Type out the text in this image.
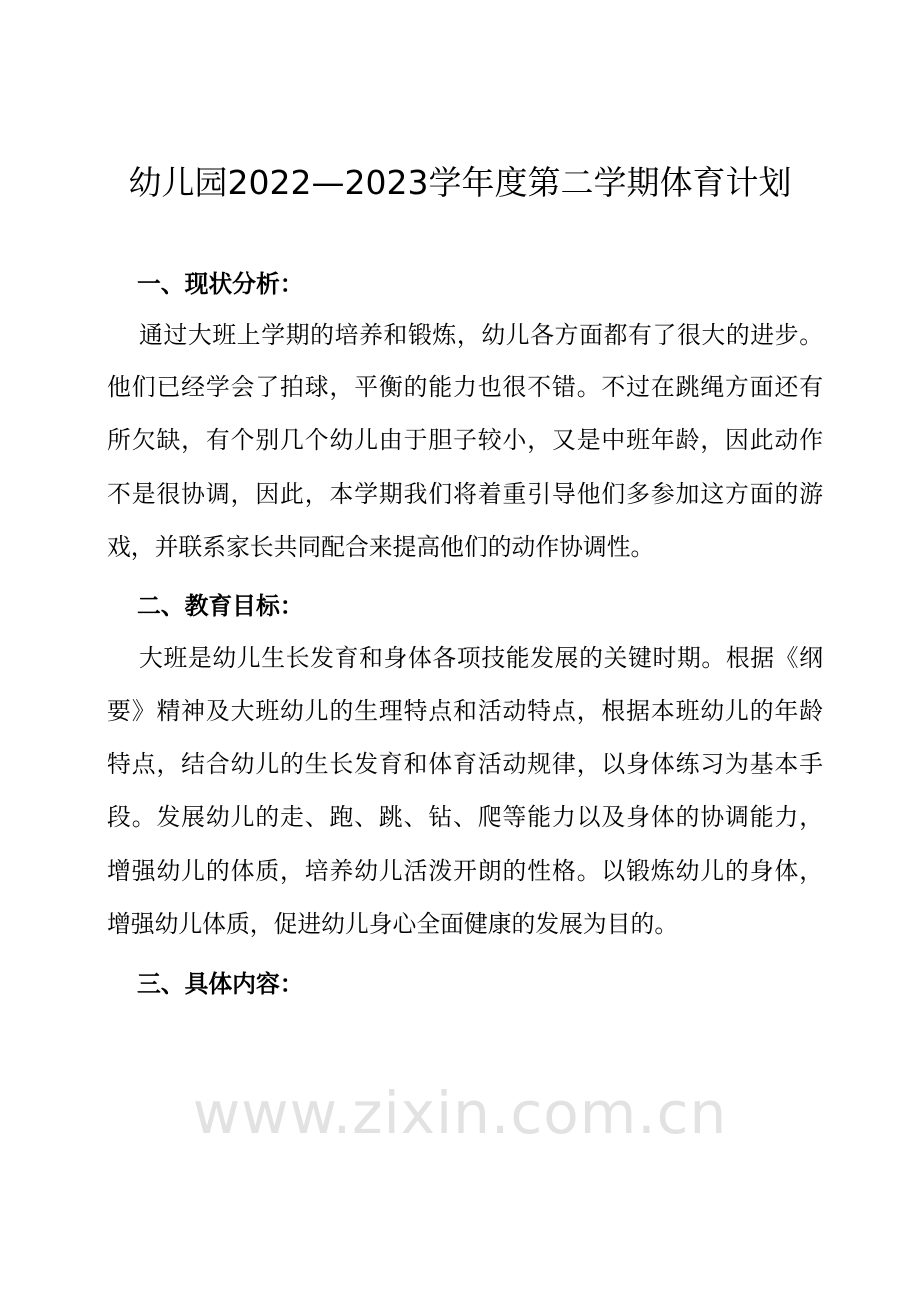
幼儿园2022—2023学年度第二学期体育计划
一、现状分析：
通过大班上学期的培养和锻炼，幼儿各方面都有了很大的进步。
他们已经学会了拍球，平衡的能力也很不错。不过在跳绳方面还有
所欠缺，有个别几个幼儿由于胆子较小，又是中班年龄，因此动作
不是很协调，因此，本学期我们将着重引导他们多参加这方面的游
戏，并联系家长共同配合来提高他们的动作协调性。
二、教育目标：
大班是幼儿生长发育和身体各项技能发展的关键时期。根据《纲
要》精神及大班幼儿的生理特点和活动特点，根据本班幼儿的年龄
特点，结合幼儿的生长发育和体育活动规律，以身体练习为基本手
段。发展幼儿的走、跑、跳、钻、爬等能力以及身体的协调能力，
增强幼儿的体质，培养幼儿活泼开朗的性格。以锻炼幼儿的身体，
增强幼儿体质，促进幼儿身心全面健康的发展为目的。
三、具体内容：
www.zixin.com.cn
